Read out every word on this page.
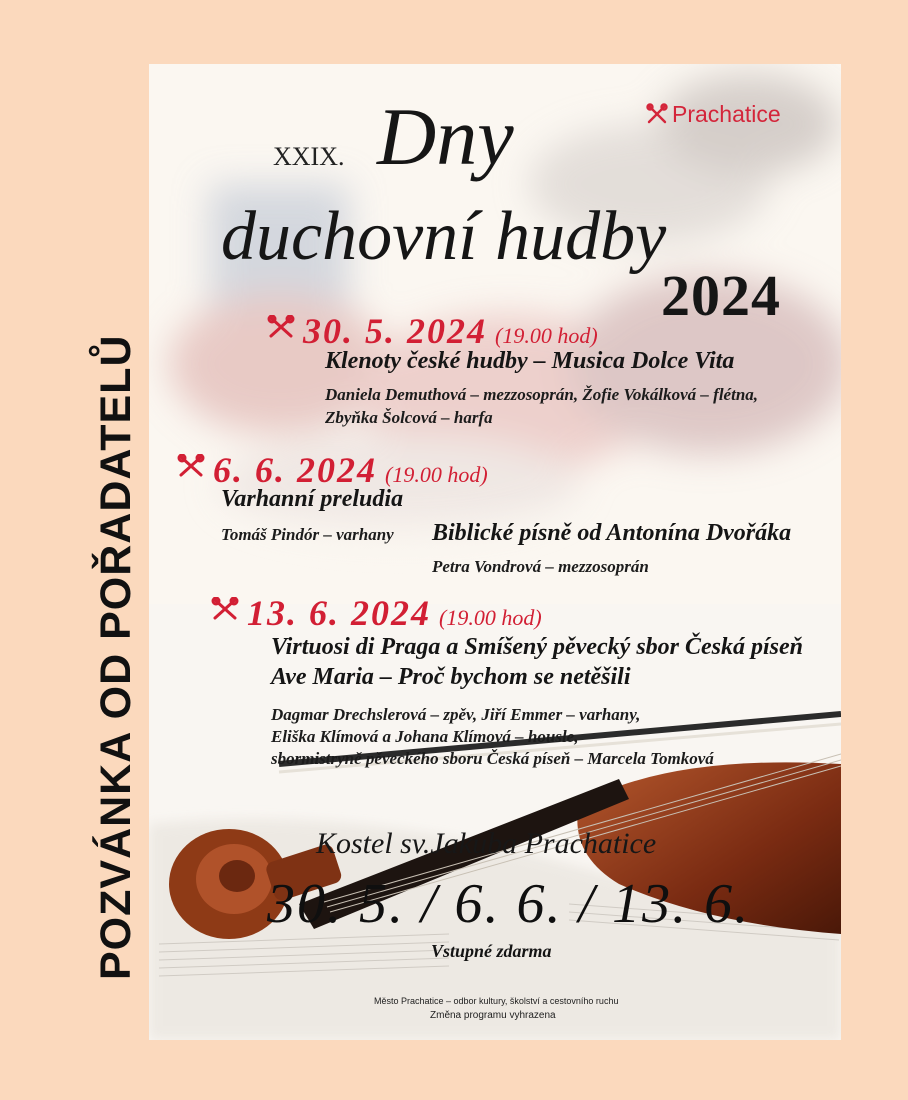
POZVÁNKA OD POŘADATELŮ
Prachatice
XXIX. Dny
duchovní hudby
2024
30. 5. 2024 (19.00 hod)
Klenoty české hudby – Musica Dolce Vita
Daniela Demuthová – mezzosoprán, Žofie Vokálková – flétna,
Zbyňka Šolcová – harfa
6. 6. 2024 (19.00 hod)
Varhanní preludia
Tomáš Pindór – varhany Biblické písně od Antonína Dvořáka
Petra Vondrová – mezzosoprán
13. 6. 2024 (19.00 hod)
Virtuosi di Praga a Smíšený pěvecký sbor Česká píseň
Ave Maria – Proč bychom se netěšili
Dagmar Drechslerová – zpěv, Jiří Emmer – varhany,
Eliška Klímová a Johana Klímová – housle,
sbormistryně pěveckého sboru Česká píseň – Marcela Tomková
Kostel sv.Jakuba Prachatice
30. 5. / 6. 6. / 13. 6.
Vstupné zdarma
Město Prachatice – odbor kultury, školství a cestovního ruchu
Změna programu vyhrazena
